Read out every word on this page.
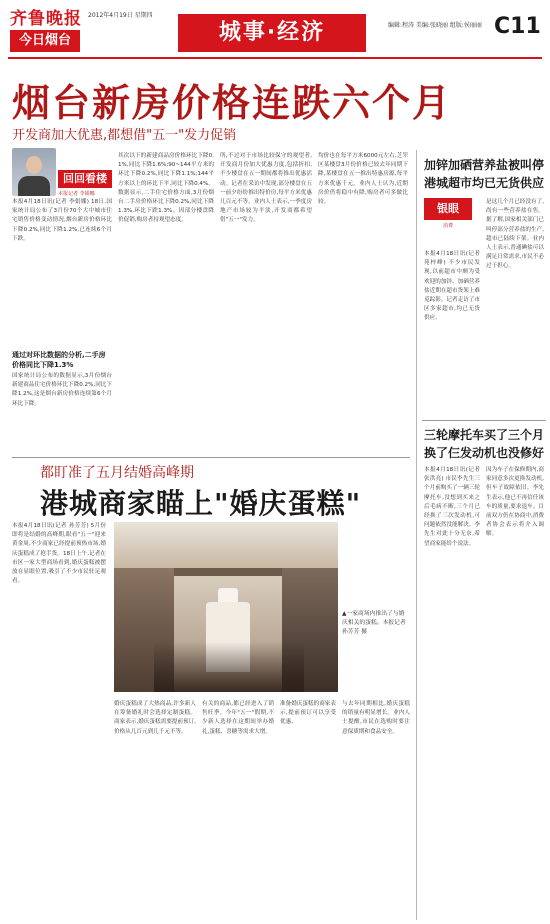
齐鲁晚报
今日烟台
2012年4月19日 星期四
城事·经济	编辑:程涛 美编:张晓丽 组版:侯丽丽 C11
烟台新房价格连跌六个月
开发商加大优惠,都想借"五一"发力促销
回回看楼
本报记者 李娟娜
本报4月18日讯(记者 李娟娜) 18日,国家统计局公布了3月份70个大中城市住宅销售价格变动情况,烟台新房价格环比下降0.2%,同比下降1.2%,已连续6个月下跌。
通过对环比数据的分析,二手房价格同比下降1.3%
国家统计局公布的数据显示,3月份烟台新建商品住宅价格环比下降0.2%,同比下降1.2%,这是烟台新房价格连续第6个月环比下降。
其次以下的新建商品房价格环比下降0.1%,同比下降1.6%;90~144平方米的环比下降0.2%,同比下降1.1%;144平方米以上的环比下平,同比下降0.4%。数据显示,二手住宅价格方面,3月份烟台二手房价格环比下降0.2%,同比下降1.3%,环比下跌1.3%。因部分楼盘降价促销,购房者持观望态度。
所,不过对于市场比较保守的观望者,开发商月份加大优惠力度,包括折扣,不少楼盘在五一期间都将推出优惠活动。记者在采访中发现,部分楼盘在五一前夕纷纷推出特价房,每平方米优惠几百元不等。业内人士表示,一季度房地产市场较为平淡,开发商都希望借"五一"发力。
均价也在每平方米6000元左右,芝罘区某楼盘3月份价格已较去年同期下降,某楼盘在五一推出特惠房源,每平方米优惠千元。业内人士认为,近期房价仍将稳中有降,购房者可多做比较。
都盯准了五月结婚高峰期
港城商家瞄上"婚庆蛋糕"
本报4月18日讯(记者 孙芳芳) 5月份即将是结婚的高峰期,眼看"五一"迎来黄金周,不少商家已经提前预热市场,婚庆蛋糕成了抢手货。18日上午,记者在市区一家大型商场看到,婚庆蛋糕被摆放在显眼位置,吸引了不少市民驻足观看。
▲一家商场内推出了与婚庆相关的蛋糕。本报记者 孙芳芳 摄
婚庆蛋糕成了大热商品,许多新人在筹备婚礼时会选择定制蛋糕。商家表示,婚庆蛋糕需要提前预订,价格从几百元到几千元不等。
有关的商品,都已经进入了销售旺季。今年"五一"假期,不少新人选择在这期间举办婚礼,蛋糕、喜糖等需求大增。
准备婚庆蛋糕的商家表示,提前预订可以享受优惠。
与去年同期相比,婚庆蛋糕的销量有明显增长。业内人士提醒,市民在选购时要注意保质期和食品安全。
加锌加硒营养盐被叫停 港城超市均已无货供应
银眼
消费
本报4月18日讯(记者 苑梓峰) 不少市民发现,以前超市中颇为受欢迎的加锌、加硒营养盐近期在超市货架上难觅踪影。记者走访了市区多家超市,均已无货供应。
是这几个月已经没有了,尚有一些营养盐在售。据了解,国家相关部门已叫停部分营养盐的生产,超市已陆续下架。业内人士表示,普通碘盐可以满足日常需求,市民不必过于担心。
三轮摩托车买了三个月 换了仨发动机也没修好
本报4月18日讯(记者 张洪亮) 市民李先生三个月前购买了一辆三轮摩托车,没想到买来之后毛病不断,三个月已经换了三次发动机,可问题依然没能解决。李先生对此十分无奈,希望商家能给个说法。
因为车子在保修期内,商家同意多次更换发动机,但车子故障依旧。李先生表示,他已不再信任该车的质量,要求退车。目前双方仍在协商中,消费者协会表示将介入调解。
